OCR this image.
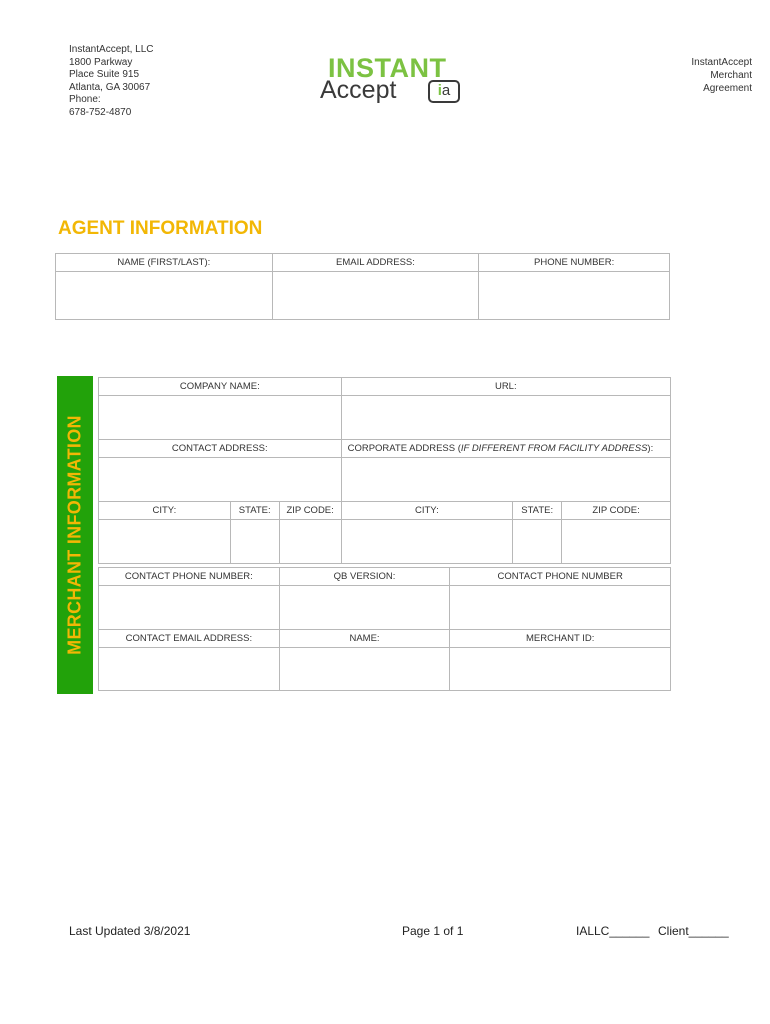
InstantAccept, LLC
1800 Parkway
Place Suite 915
Atlanta, GA 30067
Phone:
678-752-4870
INSTANT
Accept	ia
InstantAccept
Merchant
Agreement
AGENT INFORMATION
NAME (FIRST/LAST):	EMAIL ADDRESS:	PHONE NUMBER:

MERCHANT INFORMATION
COMPANY NAME:			URL:		

CONTACT ADDRESS:			CORPORATE ADDRESS (IF DIFFERENT FROM FACILITY ADDRESS):		

CITY:	STATE:	ZIP CODE:	CITY:	STATE:	ZIP CODE:

CONTACT PHONE NUMBER:	QB VERSION:	CONTACT PHONE NUMBER

CONTACT EMAIL ADDRESS:	NAME:	MERCHANT ID:

Last Updated 3/8/2021	Page 1 of 1	IALLC______ Client______
